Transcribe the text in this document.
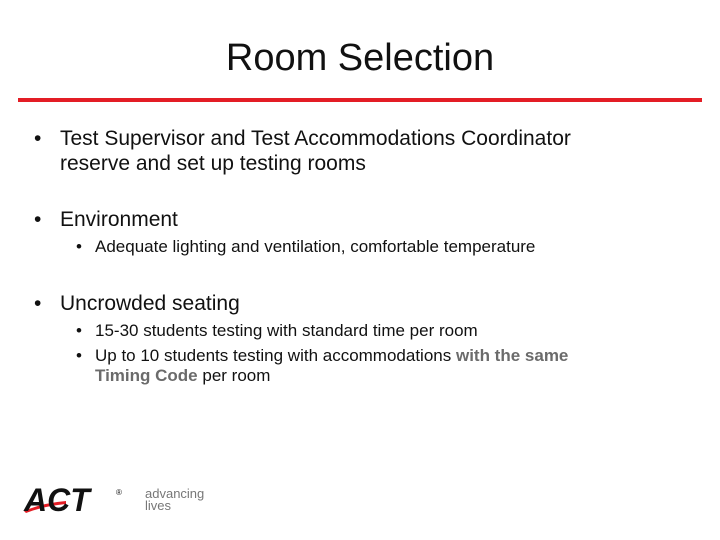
Room Selection
• Test Supervisor and Test Accommodations Coordinator
reserve and set up testing rooms
• Environment
• Adequate lighting and ventilation, comfortable temperature
• Uncrowded seating
• 15-30 students testing with standard time per room
• Up to 10 students testing with accommodations with the same
Timing Code per room
ACT	® advancing
lives
